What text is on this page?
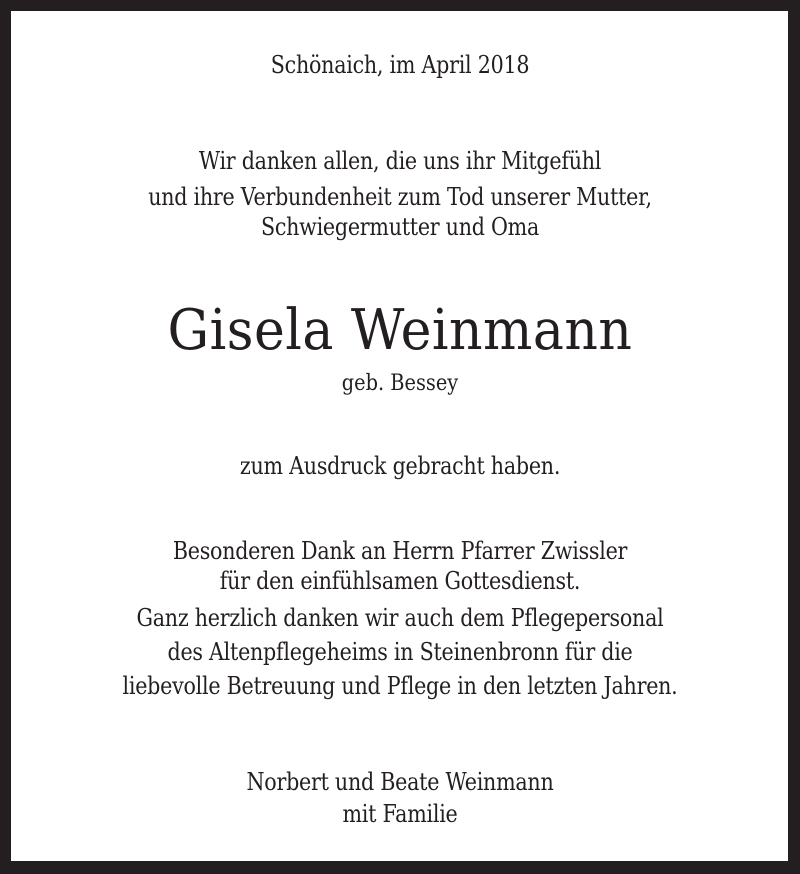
Schönaich, im April 2018
Wir danken allen, die uns ihr Mitgefühl
und ihre Verbundenheit zum Tod unserer Mutter,
Schwiegermutter und Oma
Gisela Weinmann
geb. Bessey
zum Ausdruck gebracht haben.
Besonderen Dank an Herrn Pfarrer Zwissler
für den einfühlsamen Gottesdienst.
Ganz herzlich danken wir auch dem Pflegepersonal
des Altenpflegeheims in Steinenbronn für die
liebevolle Betreuung und Pflege in den letzten Jahren.
Norbert und Beate Weinmann
mit Familie
